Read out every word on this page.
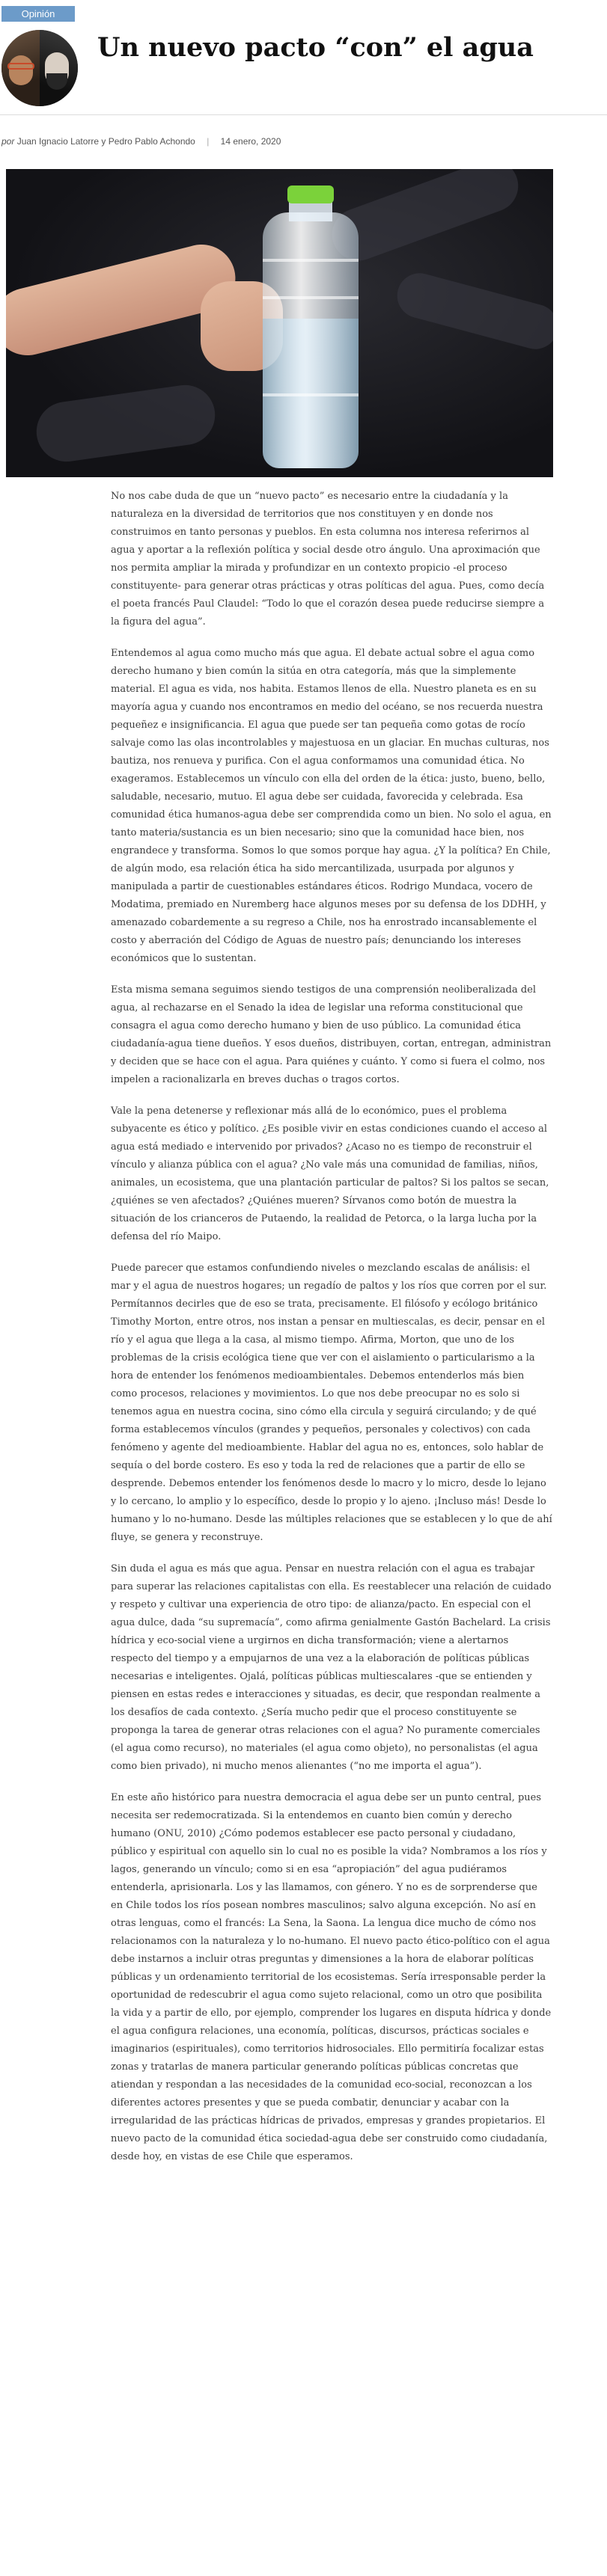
Opinión
Un nuevo pacto “con” el agua
por Juan Ignacio Latorre y Pedro Pablo Achondo | 14 enero, 2020

No nos cabe duda de que un “nuevo pacto” es necesario entre la ciudadanía y la naturaleza en la diversidad de territorios que nos constituyen y en donde nos construimos en tanto personas y pueblos. En esta columna nos interesa referirnos al agua y aportar a la reflexión política y social desde otro ángulo. Una aproximación que nos permita ampliar la mirada y profundizar en un contexto propicio -el proceso constituyente- para generar otras prácticas y otras políticas del agua. Pues, como decía el poeta francés Paul Claudel: “Todo lo que el corazón desea puede reducirse siempre a la figura del agua”.

Entendemos al agua como mucho más que agua. El debate actual sobre el agua como derecho humano y bien común la sitúa en otra categoría, más que la simplemente material. El agua es vida, nos habita. Estamos llenos de ella. Nuestro planeta es en su mayoría agua y cuando nos encontramos en medio del océano, se nos recuerda nuestra pequeñez e insignificancia. El agua que puede ser tan pequeña como gotas de rocío salvaje como las olas incontrolables y majestuosa en un glaciar. En muchas culturas, nos bautiza, nos renueva y purifica. Con el agua conformamos una comunidad ética. No exageramos. Establecemos un vínculo con ella del orden de la ética: justo, bueno, bello, saludable, necesario, mutuo. El agua debe ser cuidada, favorecida y celebrada. Esa comunidad ética humanos-agua debe ser comprendida como un bien. No solo el agua, en tanto materia/sustancia es un bien necesario; sino que la comunidad hace bien, nos engrandece y transforma. Somos lo que somos porque hay agua. ¿Y la política? En Chile, de algún modo, esa relación ética ha sido mercantilizada, usurpada por algunos y manipulada a partir de cuestionables estándares éticos. Rodrigo Mundaca, vocero de Modatima, premiado en Nuremberg hace algunos meses por su defensa de los DDHH, y amenazado cobardemente a su regreso a Chile, nos ha enrostrado incansablemente el costo y aberración del Código de Aguas de nuestro país; denunciando los intereses económicos que lo sustentan.

Esta misma semana seguimos siendo testigos de una comprensión neoliberalizada del agua, al rechazarse en el Senado la idea de legislar una reforma constitucional que consagra el agua como derecho humano y bien de uso público. La comunidad ética ciudadanía-agua tiene dueños. Y esos dueños, distribuyen, cortan, entregan, administran y deciden que se hace con el agua. Para quiénes y cuánto. Y como si fuera el colmo, nos impelen a racionalizarla en breves duchas o tragos cortos.

Vale la pena detenerse y reflexionar más allá de lo económico, pues el problema subyacente es ético y político. ¿Es posible vivir en estas condiciones cuando el acceso al agua está mediado e intervenido por privados? ¿Acaso no es tiempo de reconstruir el vínculo y alianza pública con el agua? ¿No vale más una comunidad de familias, niños, animales, un ecosistema, que una plantación particular de paltos? Si los paltos se secan, ¿quiénes se ven afectados? ¿Quiénes mueren? Sírvanos como botón de muestra la situación de los crianceros de Putaendo, la realidad de Petorca, o la larga lucha por la defensa del río Maipo.

Puede parecer que estamos confundiendo niveles o mezclando escalas de análisis: el mar y el agua de nuestros hogares; un regadío de paltos y los ríos que corren por el sur. Permítannos decirles que de eso se trata, precisamente. El filósofo y ecólogo británico Timothy Morton, entre otros, nos instan a pensar en multiescalas, es decir, pensar en el río y el agua que llega a la casa, al mismo tiempo. Afirma, Morton, que uno de los problemas de la crisis ecológica tiene que ver con el aislamiento o particularismo a la hora de entender los fenómenos medioambientales. Debemos entenderlos más bien como procesos, relaciones y movimientos. Lo que nos debe preocupar no es solo si tenemos agua en nuestra cocina, sino cómo ella circula y seguirá circulando; y de qué forma establecemos vínculos (grandes y pequeños, personales y colectivos) con cada fenómeno y agente del medioambiente. Hablar del agua no es, entonces, solo hablar de sequía o del borde costero. Es eso y toda la red de relaciones que a partir de ello se desprende. Debemos entender los fenómenos desde lo macro y lo micro, desde lo lejano y lo cercano, lo amplio y lo específico, desde lo propio y lo ajeno. ¡Incluso más! Desde lo humano y lo no-humano. Desde las múltiples relaciones que se establecen y lo que de ahí fluye, se genera y reconstruye.

Sin duda el agua es más que agua. Pensar en nuestra relación con el agua es trabajar para superar las relaciones capitalistas con ella. Es reestablecer una relación de cuidado y respeto y cultivar una experiencia de otro tipo: de alianza/pacto. En especial con el agua dulce, dada “su supremacía”, como afirma genialmente Gastón Bachelard. La crisis hídrica y eco-social viene a urgirnos en dicha transformación; viene a alertarnos respecto del tiempo y a empujarnos de una vez a la elaboración de políticas públicas necesarias e inteligentes. Ojalá, políticas públicas multiescalares -que se entienden y piensen en estas redes e interacciones y situadas, es decir, que respondan realmente a los desafíos de cada contexto. ¿Sería mucho pedir que el proceso constituyente se proponga la tarea de generar otras relaciones con el agua? No puramente comerciales (el agua como recurso), no materiales (el agua como objeto), no personalistas (el agua como bien privado), ni mucho menos alienantes (“no me importa el agua”).

En este año histórico para nuestra democracia el agua debe ser un punto central, pues necesita ser redemocratizada. Si la entendemos en cuanto bien común y derecho humano (ONU, 2010) ¿Cómo podemos establecer ese pacto personal y ciudadano, público y espiritual con aquello sin lo cual no es posible la vida? Nombramos a los ríos y lagos, generando un vínculo; como si en esa “apropiación” del agua pudiéramos entenderla, aprisionarla. Los y las llamamos, con género. Y no es de sorprenderse que en Chile todos los ríos posean nombres masculinos; salvo alguna excepción. No así en otras lenguas, como el francés: La Sena, la Saona. La lengua dice mucho de cómo nos relacionamos con la naturaleza y lo no-humano. El nuevo pacto ético-político con el agua debe instarnos a incluir otras preguntas y dimensiones a la hora de elaborar políticas públicas y un ordenamiento territorial de los ecosistemas. Sería irresponsable perder la oportunidad de redescubrir el agua como sujeto relacional, como un otro que posibilita la vida y a partir de ello, por ejemplo, comprender los lugares en disputa hídrica y donde el agua configura relaciones, una economía, políticas, discursos, prácticas sociales e imaginarios (espirituales), como territorios hidrosociales. Ello permitiría focalizar estas zonas y tratarlas de manera particular generando políticas públicas concretas que atiendan y respondan a las necesidades de la comunidad eco-social, reconozcan a los diferentes actores presentes y que se pueda combatir, denunciar y acabar con la irregularidad de las prácticas hídricas de privados, empresas y grandes propietarios. El nuevo pacto de la comunidad ética sociedad-agua debe ser construido como ciudadanía, desde hoy, en vistas de ese Chile que esperamos.
